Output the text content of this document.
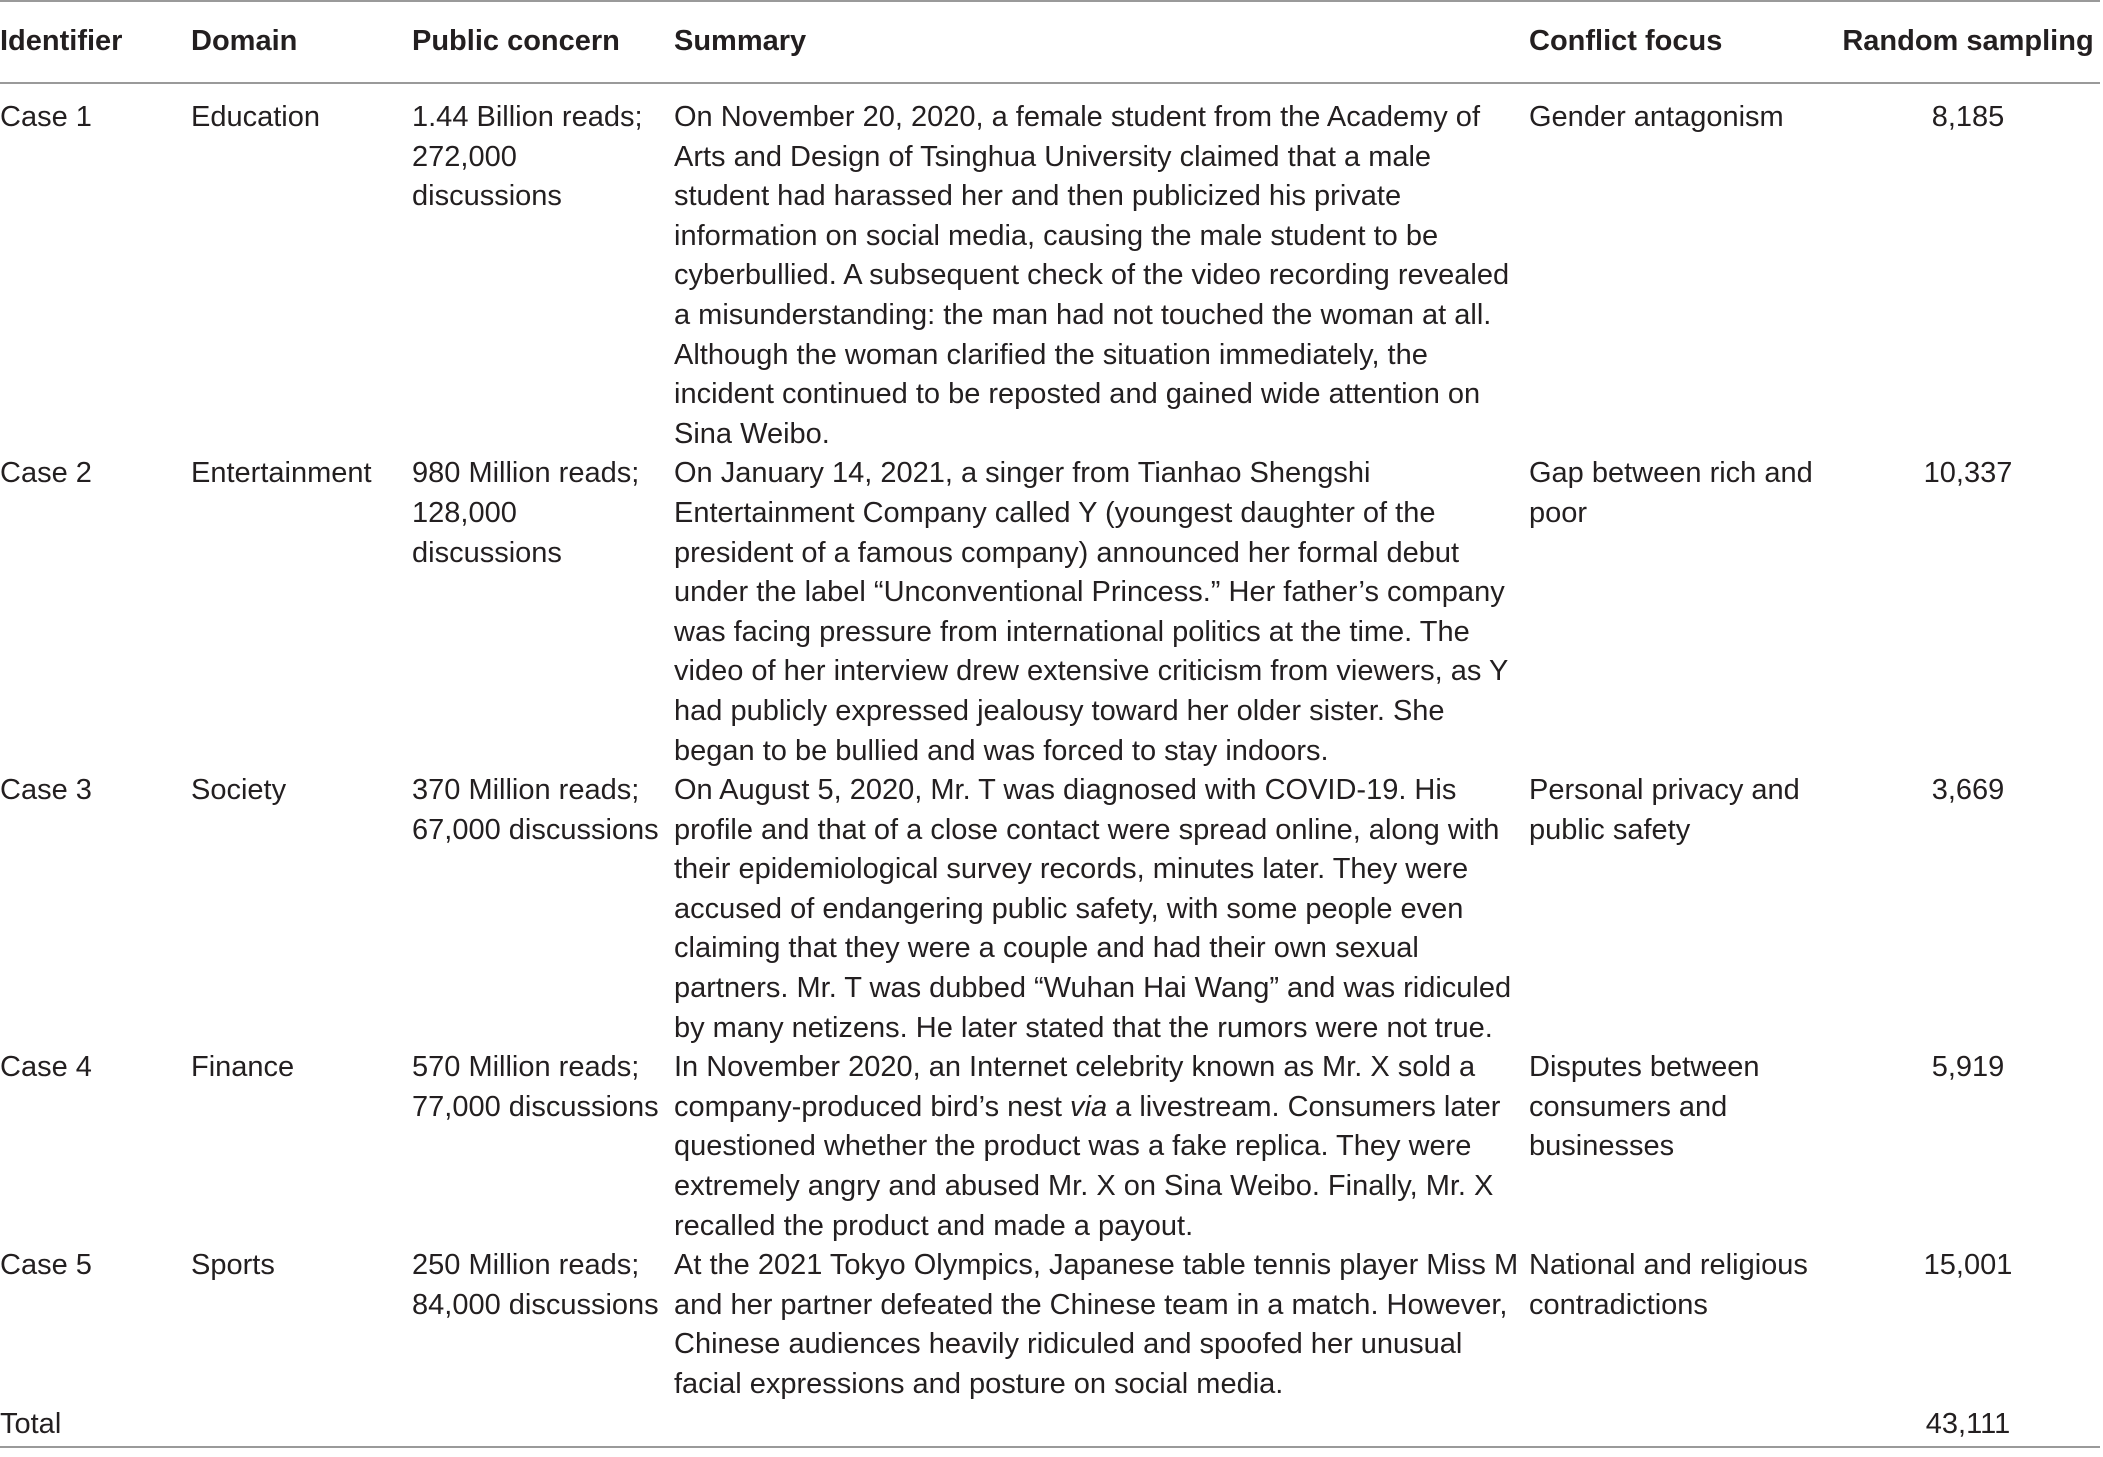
Identifier	Domain	Public concern	Summary	Conflict focus	Random sampling
Case 1	Education	1.44 Billion reads; 272,000 discussions	On November 20, 2020, a female student from the Academy of Arts and Design of Tsinghua University claimed that a male student had harassed her and then publicized his private information on social media, causing the male student to be cyberbullied. A subsequent check of the video recording revealed a misunderstanding: the man had not touched the woman at all. Although the woman clarified the situation immediately, the incident continued to be reposted and gained wide attention on Sina Weibo.	Gender antagonism	8,185
Case 2	Entertainment	980 Million reads; 128,000 discussions	On January 14, 2021, a singer from Tianhao Shengshi Entertainment Company called Y (youngest daughter of the president of a famous company) announced her formal debut under the label “Unconventional Princess.” Her father’s company was facing pressure from international politics at the time. The video of her interview drew extensive criticism from viewers, as Y had publicly expressed jealousy toward her older sister. She began to be bullied and was forced to stay indoors.	Gap between rich and poor	10,337
Case 3	Society	370 Million reads; 67,000 discussions	On August 5, 2020, Mr. T was diagnosed with COVID-19. His profile and that of a close contact were spread online, along with their epidemiological survey records, minutes later. They were accused of endangering public safety, with some people even claiming that they were a couple and had their own sexual partners. Mr. T was dubbed “Wuhan Hai Wang” and was ridiculed by many netizens. He later stated that the rumors were not true.	Personal privacy and public safety	3,669
Case 4	Finance	570 Million reads; 77,000 discussions	In November 2020, an Internet celebrity known as Mr. X sold a company-produced bird’s nest via a livestream. Consumers later questioned whether the product was a fake replica. They were extremely angry and abused Mr. X on Sina Weibo. Finally, Mr. X recalled the product and made a payout.	Disputes between consumers and businesses	5,919
Case 5	Sports	250 Million reads; 84,000 discussions	At the 2021 Tokyo Olympics, Japanese table tennis player Miss M and her partner defeated the Chinese team in a match. However, Chinese audiences heavily ridiculed and spoofed her unusual facial expressions and posture on social media.	National and religious contradictions	15,001
Total					43,111
